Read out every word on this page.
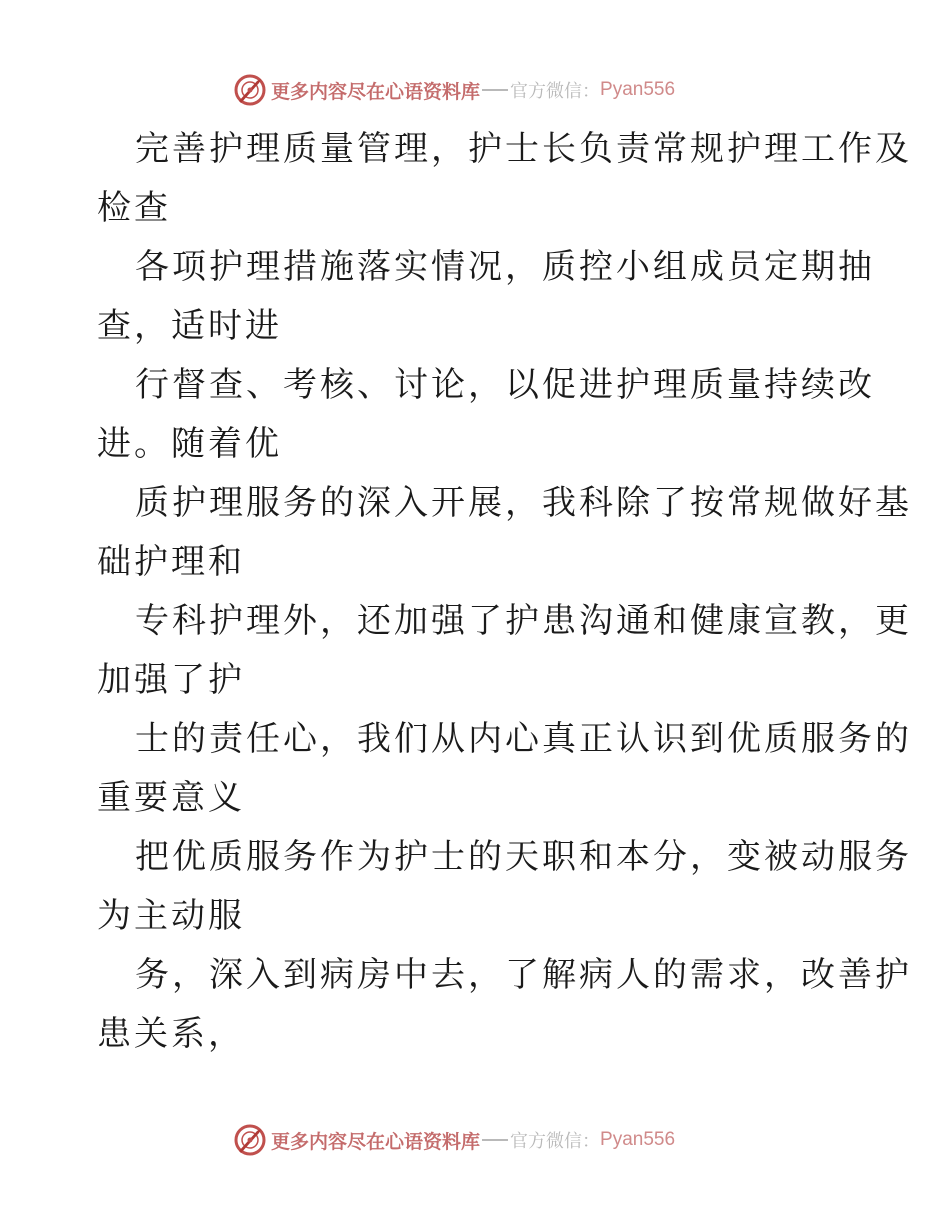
更多内容尽在心语资料库 官方微信： Pyan556
完善护理质量管理，护士长负责常规护理工作及
检查
各项护理措施落实情况，质控小组成员定期抽
查，适时进
行督查、考核、讨论，以促进护理质量持续改
进。随着优
质护理服务的深入开展，我科除了按常规做好基
础护理和
专科护理外，还加强了护患沟通和健康宣教，更
加强了护
士的责任心，我们从内心真正认识到优质服务的
重要意义
把优质服务作为护士的天职和本分，变被动服务
为主动服
务，深入到病房中去，了解病人的需求，改善护
患关系，
更多内容尽在心语资料库 官方微信： Pyan556
